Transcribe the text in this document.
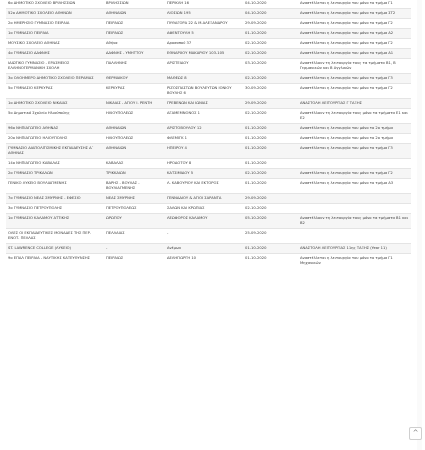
6ο ΔΗΜΟΤΙΚΟ ΣΧΟΛΕΙΟ ΒΡΙΛΗΣΣΙΩΝ	ΒΡΙΛΗΣΣΙΩΝ	ΠΕΡΙΚΛΗ 16	04-10-2020	Αναστέλλεται η λειτουργία του μόνο το τμήμα Γ1
52ο ΔΗΜΟΤΙΚΟ ΣΧΟΛΕΙΟ ΑΘΗΝΩΝ	ΑΘΗΝΑΙΩΝ	ΛΙΟΣΙΩΝ 195	04-10-2020	Αναστέλλεται η λειτουργία του μόνο το τμήμα ΣΤ2
2ο ΗΜΕΡΗΣΙΟ ΓΥΜΝΑΣΙΟ ΠΕΙΡΑΙΑ	ΠΕΙΡΑΙΩΣ	ΠΥΘΑΓΟΡΑ 22 & Μ.ΑΛΕΞΑΝΔΡΟΥ	29-09-2020	Αναστέλλεται η λειτουργία του μόνο το τμήμα Γ2
1ο ΓΥΜΝΑΣΙΟ ΠΕΙΡΑΙΑ	ΠΕΙΡΑΙΩΣ	ΑΦΕΝΤΟΥΛΗ 5	01-10-2020	Αναστέλλεται η λειτουργία του μόνο το τμήμα Α2
ΜΟΥΣΙΚΟ ΣΧΟΛΕΙΟ ΑΘΗΝΑΣ	Αθήνα	Δροσοπού 37	02-10-2020	Αναστέλλεται η λειτουργία του μόνο το τμήμα Γ2
4ο ΓΥΜΝΑΣΙΟ ΔΑΦΝΗΣ	ΔΑΦΝΗΣ - ΥΜΗΤΤΟΥ	ΕΘΝΑΡΧΟΥ ΜΑΚΑΡΙΟΥ 103-105	02-10-2020	Αναστέλλεται η λειτουργία του μόνο το τμήμα Α1
ΙΔΙΩΤΙΚΟ ΓΥΜΝΑΣΙΟ - ΕΡΑΣΜΕΙΟΣ ΕΛΛΗΝΟΓΕΡΜΑΝΙΚΗ ΣΧΟΛΗ	ΠΑΛΛΗΝΗΣ	ΑΡΙΣΤΕΙΔΟΥ	03-10-2020	Αναστέλλουν τη λειτουργία τους τα τμήματα Β1, Β Γερμανικών και Β Αγγλικών
3ο ΟΛΟΗΜΕΡΟ ΔΗΜΟΤΙΚΟ ΣΧΟΛΕΙΟ ΠΕΡΑΜΑΣ	ΘΕΡΜΑΙΚΟΥ	ΜΑΘΕΩΣ 8	02-10-2020	Αναστέλλεται η λειτουργία του μόνο το τμήμα Γ3
5ο ΓΥΜΝΑΣΙΟ ΚΕΡΚΥΡΑΣ	ΚΕΡΚΥΡΑΣ	ΡΙΖΟΣΠΑΣΤΩΝ ΒΟΥΛΕΥΤΩΝ ΙΟΝΙΟΥ ΒΟΥΛΗΣ 6	30-09-2020	Αναστέλλεται η λειτουργία του μόνο το τμήμα Γ2
1ο ΔΗΜΟΤΙΚΟ ΣΧΟΛΕΙΟ ΝΙΚΑΙΑΣ	ΝΙΚΑΙΑΣ - ΑΓΙΟΥ Ι. ΡΕΝΤΗ	ΓΡΕΒΕΝΩΝ ΚΑΙ ΙΩΝΙΑΣ	29-09-2020	ΑΝΑΣΤΟΛΗ ΛΕΙΤΟΥΡΓΙΑΣ Γ ΤΑΞΗΣ
5ο Δημοτικό Σχολείο Ηλιούπολης	ΗΛΙΟΥΠΟΛΕΩΣ	ΑΓΑΜΕΜΝΟΝΟΣ 1	02-10-2020	Αναστέλλουν τη λειτουργία τους μόνο τα τμήματα Ε1 και Ε2
96ο ΝΗΠΙΑΓΩΓΕΙΟ ΑΘΗΝΑΣ	ΑΘΗΝΑΙΩΝ	ΑΡΙΣΤΟΒΟΥΛΟΥ 12	01-10-2020	Αναστέλλεται η λειτουργία του μόνο το 2ο τμήμα
20ο ΝΗΠΙΑΓΩΓΕΙΟ ΗΛΙΟΥΠΟΛΗΣ	ΗΛΙΟΥΠΟΛΕΩΣ	ΦΛΕΜΙΓΚ 1	01-10-2020	Αναστέλλεται η λειτουργία του μόνο το 2ο τμήμα
ΓΥΜΝΑΣΙΟ ΔΙΑΠΟΛΙΤΙΣΜΙΚΗΣ ΕΚΠΑΙΔΕΥΣΗΣ Δ΄ ΑΘΗΝΑΣ	ΑΘΗΝΑΙΩΝ	ΗΠΕΙΡΟΥ 4	01-10-2020	Αναστέλλεται η λειτουργία του μόνο το τμήμα Γ3
14ο ΝΗΠΙΑΓΩΓΕΙΟ ΚΑΒΑΛΑΣ	ΚΑΒΑΛΑΣ	ΗΡΟΔΟΤΟΥ 8	01-10-2020	
2ο ΓΥΜΝΑΣΙΟ ΤΡΙΚΑΛΩΝ	ΤΡΙΚΚΑΙΩΝ	ΚΑΤΣΙΜΙΔΟΥ 5	02-10-2020	Αναστέλλεται η λειτουργία του μόνο το τμήμα Γ2
ΓΕΝΙΚΟ ΛΥΚΕΙΟ ΒΟΥΛΙΑΓΜΕΝΗΣ	ΒΑΡΗΣ - ΒΟΥΛΑΣ - ΒΟΥΛΙΑΓΜΕΝΗΣ	Λ. ΚΑΒΟΥΡΙΟΥ ΚΑΙ ΕΚΤΟΡΟΣ	01-10-2020	Αναστέλλεται η λειτουργία του μόνο το τμήμα Α3
7ο ΓΥΜΝΑΣΙΟ ΝΕΑΣ ΣΜΥΡΝΗΣ - ΕΦΕΣΙΟ	ΝΕΑΣ ΣΜΥΡΝΗΣ	ΓΕΝΝΑΔΙΟΥ & ΑΓΙΟΙ ΣΑΡΑΝΤΑ	29-09-2020	
3ο ΓΥΜΝΑΣΙΟ ΠΕΤΡΟΥΠΟΛΗΣ	ΠΕΤΡΟΥΠΟΛΕΩΣ	ΣΑΛΩΝ ΚΑΙ ΚΡΩΠΙΑΣ	02-10-2020	
1ο ΓΥΜΝΑΣΙΟ ΚΑΛΑΜΟΥ ΑΤΤΙΚΗΣ	ΩΡΩΠΟΥ	ΛΕΩΦΟΡΟΣ ΚΑΛΑΜΟΥ	05-10-2020	Αναστέλλουν τη λειτουργία τους μόνο τα τμήματα Β1 και Β2
ΟΛΕΣ ΟΙ ΕΚΠΑΙΔΕΥΤΙΚΕΣ ΜΟΝΑΔΕΣ ΤΗΣ ΠΕΡ. ΕΝΟΤ. ΠΕΛΛΑΣ	ΠΕΛΛΑΙΑΣ	-	25-09-2020	
ST. LAWRENCE COLLEGE (ΛΥΚΕΙΟ)	-	Ανέμων	01-10-2020	ΑΝΑΣΤΟΛΗ ΛΕΙΤΟΥΡΓΙΑΣ 11ης ΤΑΞΗΣ (Year 11)
9ο ΕΠΑΛ ΠΕΙΡΑΙΑ - ΝΑΥΤΙΚΗΣ ΚΑΤΕΥΘΥΝΣΗΣ	ΠΕΙΡΑΙΩΣ	ΔΕΛΗΓΙΩΡΓΗ 10	01-10-2020	Αναστέλλεται η λειτουργία του μόνο το τμήμα Γ1 Μηχανικών
^
